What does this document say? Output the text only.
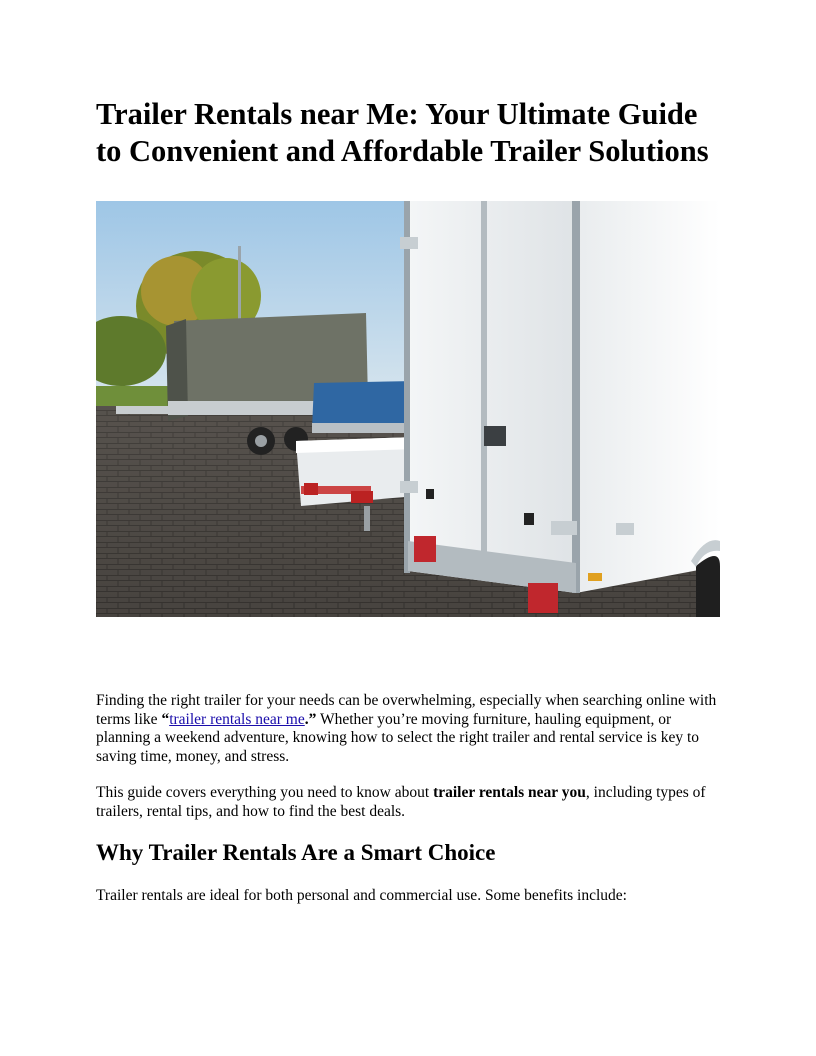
Trailer Rentals near Me: Your Ultimate Guide to Convenient and Affordable Trailer Solutions

Finding the right trailer for your needs can be overwhelming, especially when searching online with terms like “trailer rentals near me.” Whether you’re moving furniture, hauling equipment, or planning a weekend adventure, knowing how to select the right trailer and rental service is key to saving time, money, and stress.

This guide covers everything you need to know about trailer rentals near you, including types of trailers, rental tips, and how to find the best deals.

Why Trailer Rentals Are a Smart Choice

Trailer rentals are ideal for both personal and commercial use. Some benefits include:
